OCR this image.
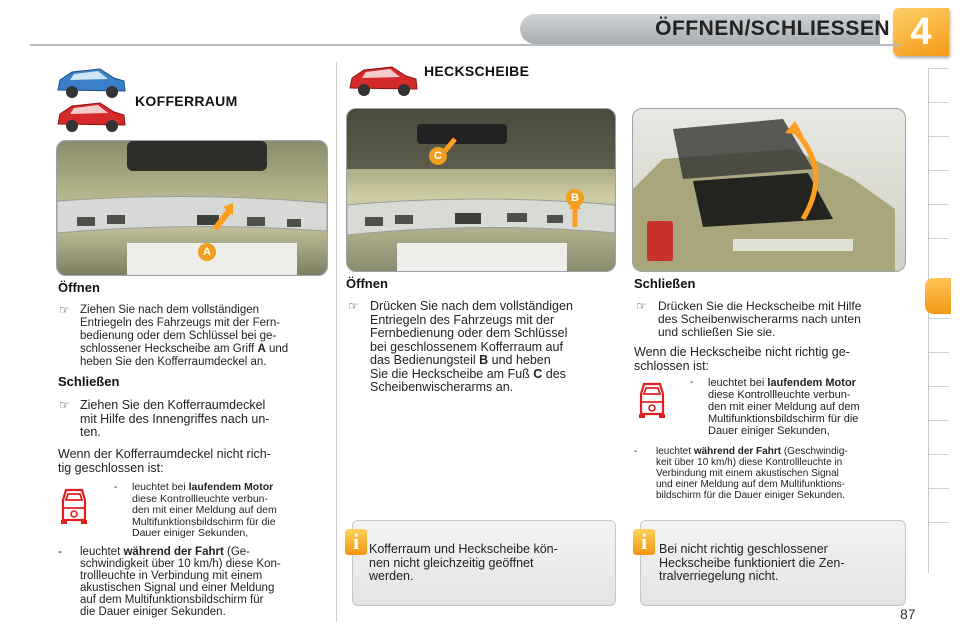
ÖFFNEN/SCHLIESSEN 4
KOFFERRAUM
A
Öffnen
☞ Ziehen Sie nach dem vollständigen
Entriegeln des Fahrzeugs mit der Fern-
bedienung oder dem Schlüssel bei ge-
schlossener Heckscheibe am Griff A und
heben Sie den Kofferraumdeckel an.
Schließen
☞ Ziehen Sie den Kofferraumdeckel
mit Hilfe des Innengriffes nach un-
ten.
Wenn der Kofferraumdeckel nicht rich-
tig geschlossen ist:
- leuchtet bei laufendem Motor
diese Kontrollleuchte verbun-
den mit einer Meldung auf dem
Multifunktionsbildschirm für die
Dauer einiger Sekunden,
- leuchtet während der Fahrt (Ge-
schwindigkeit über 10 km/h) diese Kon-
trollleuchte in Verbindung mit einem
akustischen Signal und einer Meldung
auf dem Multifunktionsbildschirm für
die Dauer einiger Sekunden.
HECKSCHEIBE
C
B
Öffnen
☞ Drücken Sie nach dem vollständigen
Entriegeln des Fahrzeugs mit der
Fernbedienung oder dem Schlüssel
bei geschlossenem Kofferraum auf
das Bedienungsteil B und heben
Sie die Heckscheibe am Fuß C des
Scheibenwischerarms an.
Schließen
☞ Drücken Sie die Heckscheibe mit Hilfe
des Scheibenwischerarms nach unten
und schließen Sie sie.
Wenn die Heckscheibe nicht richtig ge-
schlossen ist:
- leuchtet bei laufendem Motor
diese Kontrollleuchte verbun-
den mit einer Meldung auf dem
Multifunktionsbildschirm für die
Dauer einiger Sekunden,
- leuchtet während der Fahrt (Geschwindig-
keit über 10 km/h) diese Kontrollleuchte in
Verbindung mit einem akustischen Signal
und einer Meldung auf dem Multifunktions-
bildschirm für die Dauer einiger Sekunden.
i Kofferraum und Heckscheibe kön-
nen nicht gleichzeitig geöffnet
werden.
i Bei nicht richtig geschlossener
Heckscheibe funktioniert die Zen-
tralverriegelung nicht.
87
